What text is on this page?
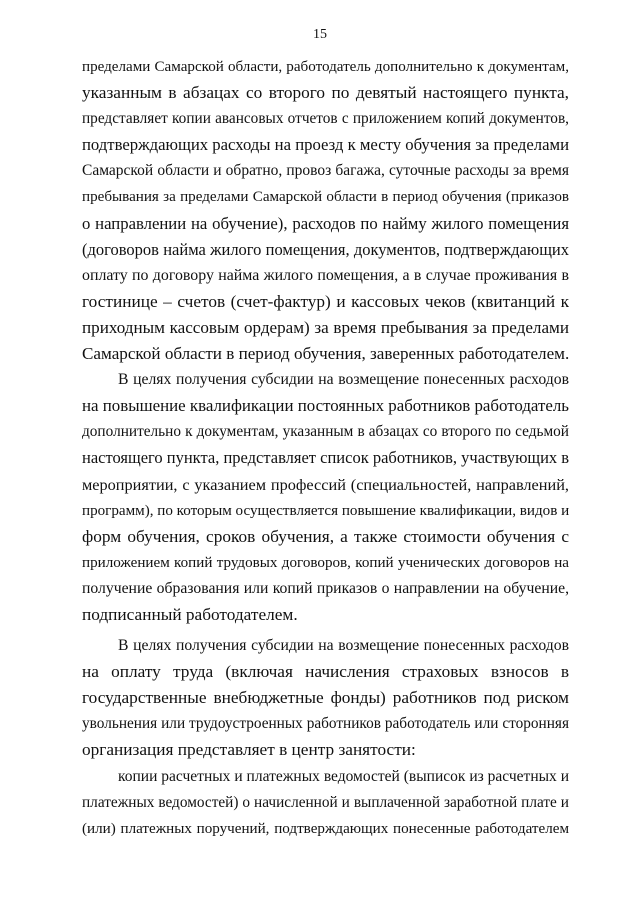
15
пределами Самарской области, работодатель дополнительно к документам,
указанным в абзацах со второго по девятый настоящего пункта,
представляет копии авансовых отчетов с приложением копий документов,
подтверждающих расходы на проезд к месту обучения за пределами
Самарской области и обратно, провоз багажа, суточные расходы за время
пребывания за пределами Самарской области в период обучения (приказов
о направлении на обучение), расходов по найму жилого помещения
(договоров найма жилого помещения, документов, подтверждающих
оплату по договору найма жилого помещения, а в случае проживания в
гостинице – счетов (счет-фактур) и кассовых чеков (квитанций к
приходным кассовым ордерам) за время пребывания за пределами
Самарской области в период обучения, заверенных работодателем.
В целях получения субсидии на возмещение понесенных расходов
на повышение квалификации постоянных работников работодатель
дополнительно к документам, указанным в абзацах со второго по седьмой
настоящего пункта, представляет список работников, участвующих в
мероприятии, с указанием профессий (специальностей, направлений,
программ), по которым осуществляется повышение квалификации, видов и
форм обучения, сроков обучения, а также стоимости обучения с
приложением копий трудовых договоров, копий ученических договоров на
получение образования или копий приказов о направлении на обучение,
подписанный работодателем.
В целях получения субсидии на возмещение понесенных расходов
на оплату труда (включая начисления страховых взносов в
государственные внебюджетные фонды) работников под риском
увольнения или трудоустроенных работников работодатель или сторонняя
организация представляет в центр занятости:
копии расчетных и платежных ведомостей (выписок из расчетных и
платежных ведомостей) о начисленной и выплаченной заработной плате и
(или) платежных поручений, подтверждающих понесенные работодателем
